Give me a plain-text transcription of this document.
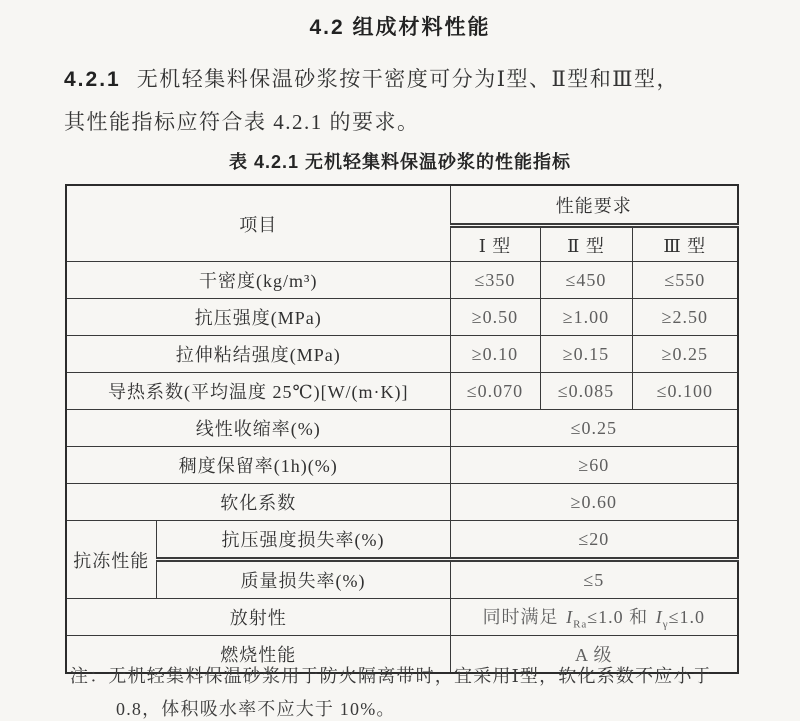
4.2 组成材料性能

4.2.1 无机轻集料保温砂浆按干密度可分为Ⅰ型、Ⅱ型和Ⅲ型，
其性能指标应符合表 4.2.1 的要求。

表 4.2.1 无机轻集料保温砂浆的性能指标

项目		性能要求		
		Ⅰ 型	Ⅱ 型	Ⅲ 型
干密度(kg/m³)		≤350	≤450	≤550
抗压强度(MPa)		≥0.50	≥1.00	≥2.50
拉伸粘结强度(MPa)		≥0.10	≥0.15	≥0.25
导热系数(平均温度 25℃)[W/(m·K)]		≤0.070	≤0.085	≤0.100
线性收缩率(%)		≤0.25		
稠度保留率(1h)(%)		≥60		
软化系数		≥0.60		
抗冻性能	抗压强度损失率(%)	≤20		
	质量损失率(%)	≤5		
放射性		同时满足 $I_{Ra}\le 1.0$ 和 $I_\gamma\le 1.0$		
燃烧性能		A 级		

注：无机轻集料保温砂浆用于防火隔离带时，宜采用Ⅰ型，软化系数不应小于
0.8，体积吸水率不应大于 10%。
